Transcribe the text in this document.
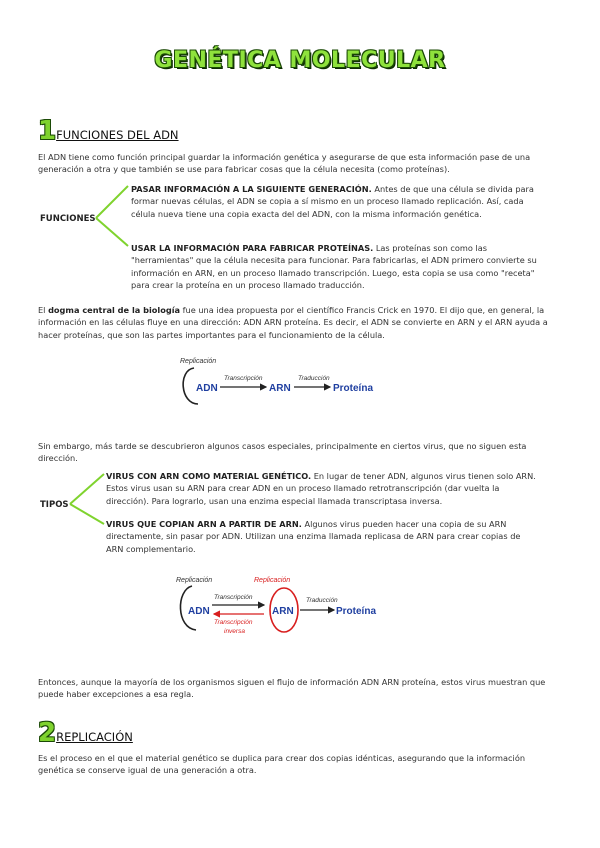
GENÉTICA MOLECULAR
1FUNCIONES DEL ADN

El ADN tiene como función principal guardar la información genética y asegurarse de que esta información pase de una generación a otra y que también se use para fabricar cosas que la célula necesita (como proteínas).

FUNCIONES

PASAR INFORMACIÓN A LA SIGUIENTE GENERACIÓN. Antes de que una célula se divida para formar nuevas células, el ADN se copia a sí mismo en un proceso llamado replicación. Así, cada célula nueva tiene una copia exacta del del ADN, con la misma información genética.

USAR LA INFORMACIÓN PARA FABRICAR PROTEÍNAS. Las proteínas son como las "herramientas" que la célula necesita para funcionar. Para fabricarlas, el ADN primero convierte su información en ARN, en un proceso llamado transcripción. Luego, esta copia se usa como "receta" para crear la proteína en un proceso llamado traducción.

El dogma central de la biología fue una idea propuesta por el científico Francis Crick en 1970. El dijo que, en general, la información en las células fluye en una dirección: ADN ARN proteína. Es decir, el ADN se convierte en ARN y el ARN ayuda a hacer proteínas, que son las partes importantes para el funcionamiento de la célula.

Replicación
ADN
Transcripción
ARN
Traducción
Proteína

Sin embargo, más tarde se descubrieron algunos casos especiales, principalmente en ciertos virus, que no siguen esta dirección.

TIPOS

VIRUS CON ARN COMO MATERIAL GENÉTICO. En lugar de tener ADN, algunos virus tienen solo ARN. Estos virus usan su ARN para crear ADN en un proceso llamado retrotranscripción (dar vuelta la dirección). Para lograrlo, usan una enzima especial llamada transcriptasa inversa.

VIRUS QUE COPIAN ARN A PARTIR DE ARN. Algunos virus pueden hacer una copia de su ARN directamente, sin pasar por ADN. Utilizan una enzima llamada replicasa de ARN para crear copias de ARN complementario.

Replicación
ADN
Transcripción
Transcripción
inversa
Replicación
ARN
Traducción
Proteína

Entonces, aunque la mayoría de los organismos siguen el flujo de información ADN ARN proteína, estos virus muestran que puede haber excepciones a esa regla.

2REPLICACIÓN

Es el proceso en el que el material genético se duplica para crear dos copias idénticas, asegurando que la información genética se conserve igual de una generación a otra.
